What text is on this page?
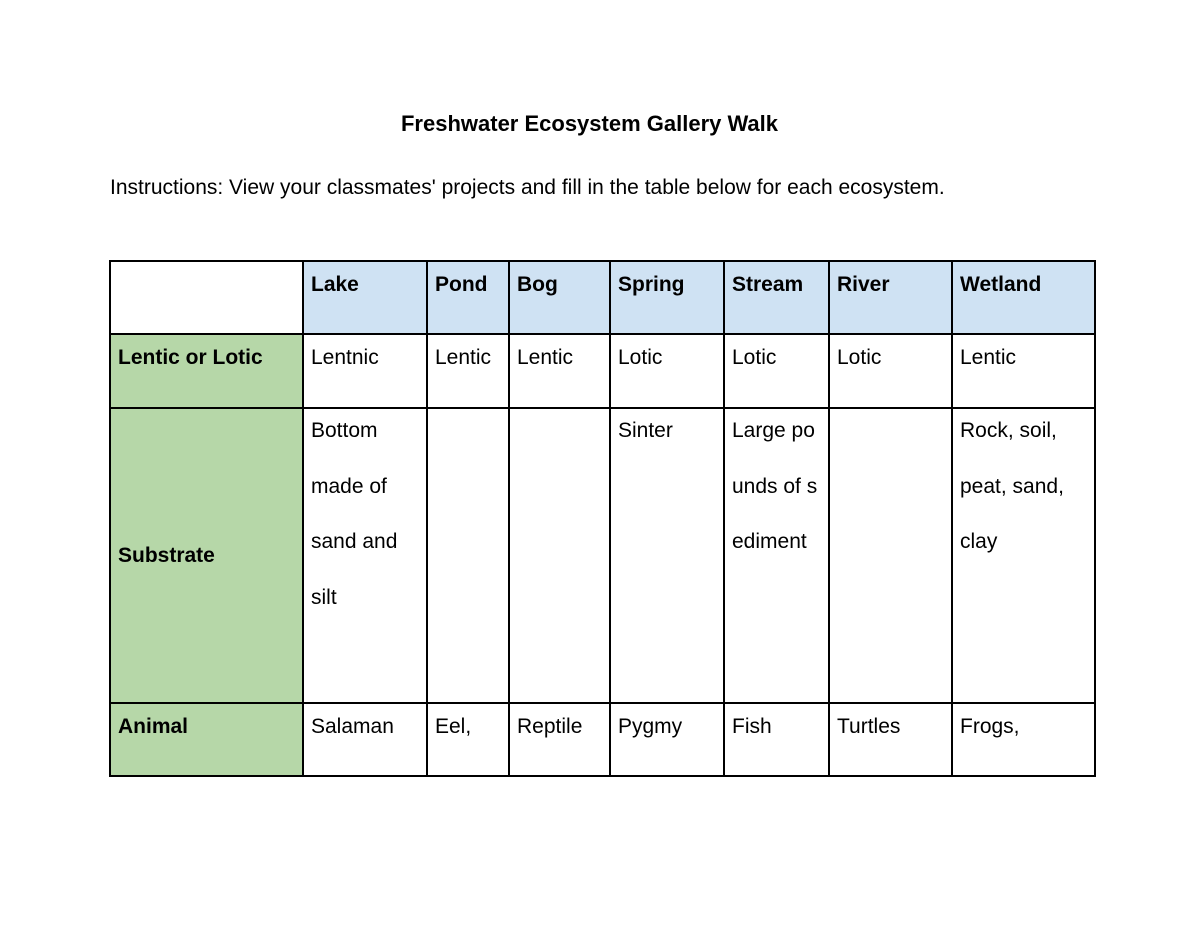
Freshwater Ecosystem Gallery Walk
Instructions: View your classmates' projects and fill in the table below for each ecosystem.

	Lake	Pond	Bog	Spring	Stream	River	Wetland

Lentic or Lotic	Lentnic	Lentic	Lentic	Lotic	Lotic	Lotic	Lentic

Substrate	Bottom made of sand and silt			Sinter	Large pounds of sediment		Rock, soil, peat, sand, clay

Animal	Salaman	Eel,	Reptile	Pygmy	Fish	Turtles	Frogs,
